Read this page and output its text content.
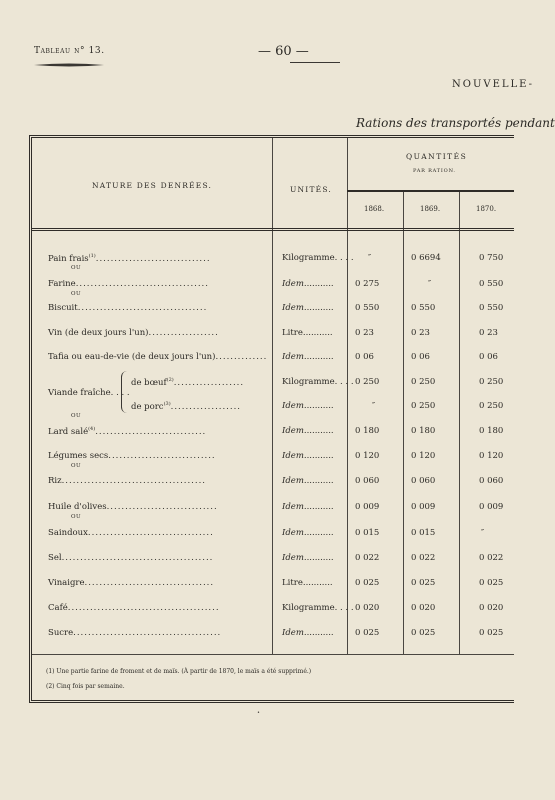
Tableau n° 13.	— 60 —
NOUVELLE-
Rations des transportés pendant
NATURE DES DENRÉES.	UNITÉS.
QUANTITÉS
PAR RATION.
1868.	1869.	1870.
Pain frais$^{(1)}$...............................	Kilogramme. . . . ″	0 6694	0 750
OU
Farine....................................	Idem...........	0 275	″	0 550
OU
Biscuit...................................	Idem...........	0 550	0 550	0 550
Vin (de deux jours l'un)...................	Litre...........	0 23	0 23	0 23
Tafia ou eau-de-vie (de deux jours l'un).............. Idem...........	0 06	0 06	0 06
Viande fraîche. . . .
de bœuf$^{(2)}$...................	Kilogramme. . . . 0 250	0 250	0 250
de porc$^{(3)}$...................	Idem...........	″	0 250	0 250
OU
Lard salé$^{(4)}$..............................	Idem...........	0 180	0 180	0 180
Légumes secs.............................	Idem...........	0 120	0 120	0 120
OU
Riz.......................................	Idem...........	0 060	0 060	0 060
Huile d'olives..............................	Idem...........	0 009	0 009	0 009
OU
Saindoux..................................	Idem...........	0 015	0 015	″
Sel.........................................	Idem...........	0 022	0 022	0 022
Vinaigre...................................	Litre...........	0 025	0 025	0 025
Café.........................................	Kilogramme. . . . 0 020	0 020	0 020
Sucre........................................	Idem...........	0 025	0 025	0 025
(1) Une partie farine de froment et de maïs. (À partir de 1870, le maïs a été supprimé.)
(2) Cinq fois par semaine.
•
